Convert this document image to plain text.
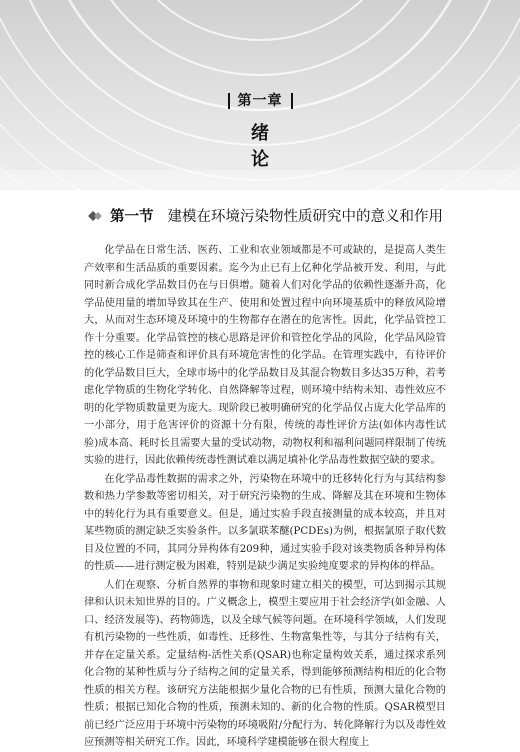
第一章
绪 论
第一节 建模在环境污染物性质研究中的意义和作用

化学品在日常生活、医药、工业和农业领域都是不可或缺的，是提高人类生产效率和生活品质的重要因素。迄今为止已有上亿种化学品被开发、利用，与此同时新合成化学品数目仍在与日俱增。随着人们对化学品的依赖性逐渐升高，化学品使用量的增加导致其在生产、使用和处置过程中向环境基质中的释放风险增大，从而对生态环境及环境中的生物都存在潜在的危害性。因此，化学品管控工作十分重要。化学品管控的核心思路是评价和管控化学品的风险，化学品风险管控的核心工作是筛查和评价具有环境危害性的化学品。在管理实践中，有待评价的化学品数目巨大，全球市场中的化学品数目及其混合物数目多达35万种，若考虑化学物质的生物化学转化、自然降解等过程，则环境中结构未知、毒性效应不明的化学物质数量更为庞大。现阶段已被明确研究的化学品仅占庞大化学品库的一小部分，用于危害评价的资源十分有限，传统的毒性评价方法(如体内毒性试验)成本高、耗时长且需要大量的受试动物，动物权利和福利问题同样限制了传统实验的进行，因此依赖传统毒性测试难以满足填补化学品毒性数据空缺的要求。

在化学品毒性数据的需求之外，污染物在环境中的迁移转化行为与其结构参数和热力学参数等密切相关，对于研究污染物的生成、降解及其在环境和生物体中的转化行为具有重要意义。但是，通过实验手段直接测量的成本较高，并且对某些物质的测定缺乏实验条件。以多氯联苯醚(PCDEs)为例，根据氯原子取代数目及位置的不同，其同分异构体有209种，通过实验手段对该类物质各种异构体的性质——进行测定极为困难，特别是缺少满足实验纯度要求的异构体的样品。

人们在观察、分析自然界的事物和现象时建立相关的模型，可达到揭示其规律和认识未知世界的目的。广义概念上，模型主要应用于社会经济学(如金融、人口、经济发展等)、药物筛选，以及全球气候等问题。在环境科学领域，人们发现有机污染物的一些性质，如毒性、迁移性、生物富集性等，与其分子结构有关，并存在定量关系。定量结构-活性关系(QSAR)也称定量构效关系，通过探求系列化合物的某种性质与分子结构之间的定量关系，得到能够预测结构相近的化合物性质的相关方程。该研究方法能根据少量化合物的已有性质，预测大量化合物的性质；根据已知化合物的性质，预测未知的、新的化合物的性质。QSAR模型目前已经广泛应用于环境中污染物的环境吸附/分配行为、转化降解行为以及毒性效应预测等相关研究工作。因此，环境科学建模能够在很大程度上
